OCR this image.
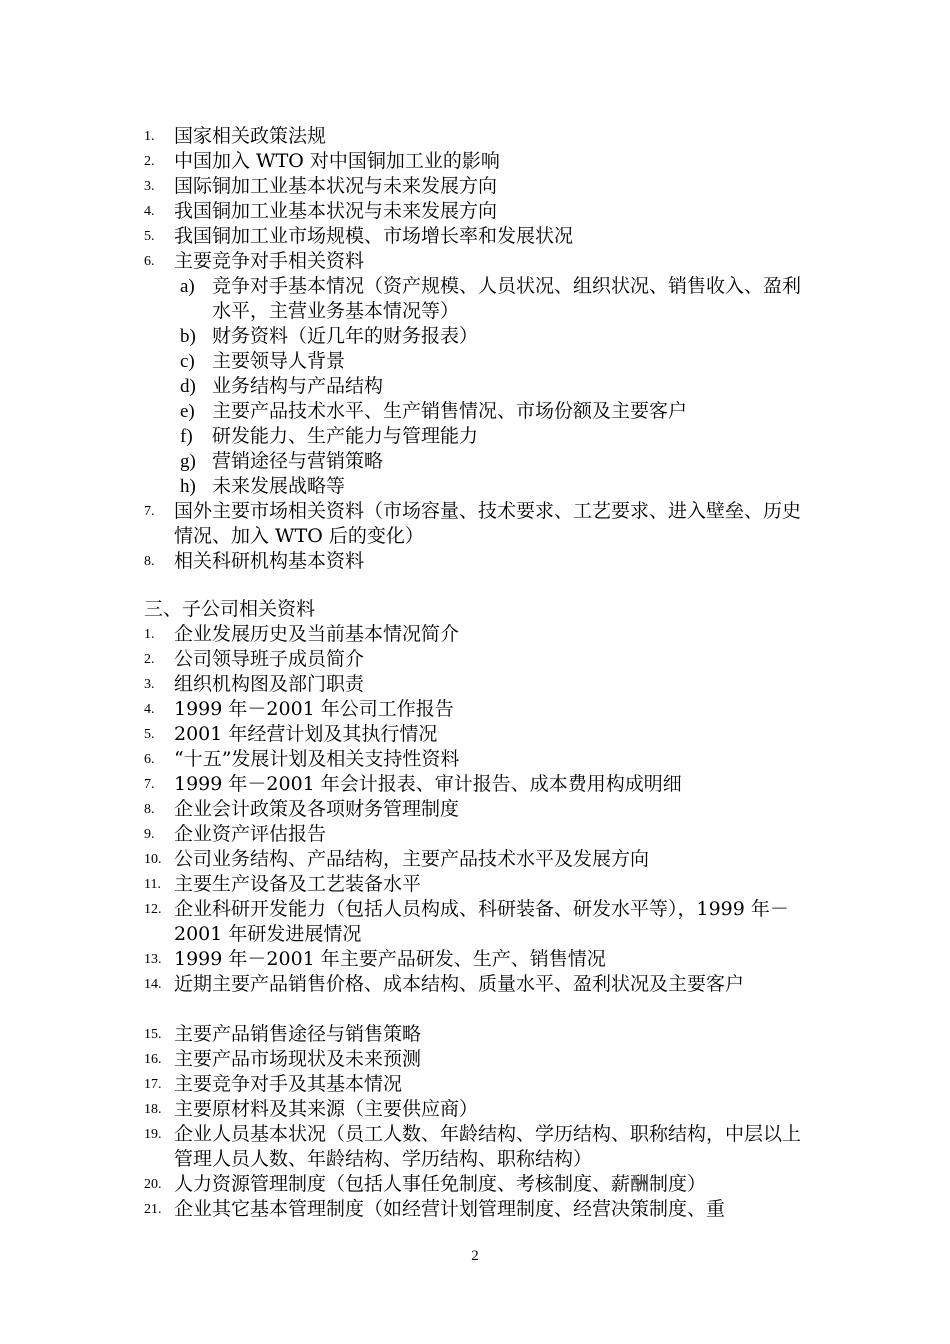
1. 国家相关政策法规
2. 中国加入 WTO 对中国铜加工业的影响
3. 国际铜加工业基本状况与未来发展方向
4. 我国铜加工业基本状况与未来发展方向
5. 我国铜加工业市场规模、市场增长率和发展状况
6. 主要竞争对手相关资料
a) 竞争对手基本情况（资产规模、人员状况、组织状况、销售收入、盈利水平，主营业务基本情况等）
b) 财务资料（近几年的财务报表）
c) 主要领导人背景
d) 业务结构与产品结构
e) 主要产品技术水平、生产销售情况、市场份额及主要客户
f) 研发能力、生产能力与管理能力
g) 营销途径与营销策略
h) 未来发展战略等
7. 国外主要市场相关资料（市场容量、技术要求、工艺要求、进入壁垒、历史情况、加入 WTO 后的变化）
8. 相关科研机构基本资料
三、子公司相关资料
1. 企业发展历史及当前基本情况简介
2. 公司领导班子成员简介
3. 组织机构图及部门职责
4. 1999 年－2001 年公司工作报告
5. 2001 年经营计划及其执行情况
6. “十五”发展计划及相关支持性资料
7. 1999 年－2001 年会计报表、审计报告、成本费用构成明细
8. 企业会计政策及各项财务管理制度
9. 企业资产评估报告
10. 公司业务结构、产品结构，主要产品技术水平及发展方向
11. 主要生产设备及工艺装备水平
12. 企业科研开发能力（包括人员构成、科研装备、研发水平等），1999 年－2001 年研发进展情况
13. 1999 年－2001 年主要产品研发、生产、销售情况
14. 近期主要产品销售价格、成本结构、质量水平、盈利状况及主要客户
15. 主要产品销售途径与销售策略
16. 主要产品市场现状及未来预测
17. 主要竞争对手及其基本情况
18. 主要原材料及其来源（主要供应商）
19. 企业人员基本状况（员工人数、年龄结构、学历结构、职称结构，中层以上管理人员人数、年龄结构、学历结构、职称结构）
20. 人力资源管理制度（包括人事任免制度、考核制度、薪酬制度）
21. 企业其它基本管理制度（如经营计划管理制度、经营决策制度、重
2
